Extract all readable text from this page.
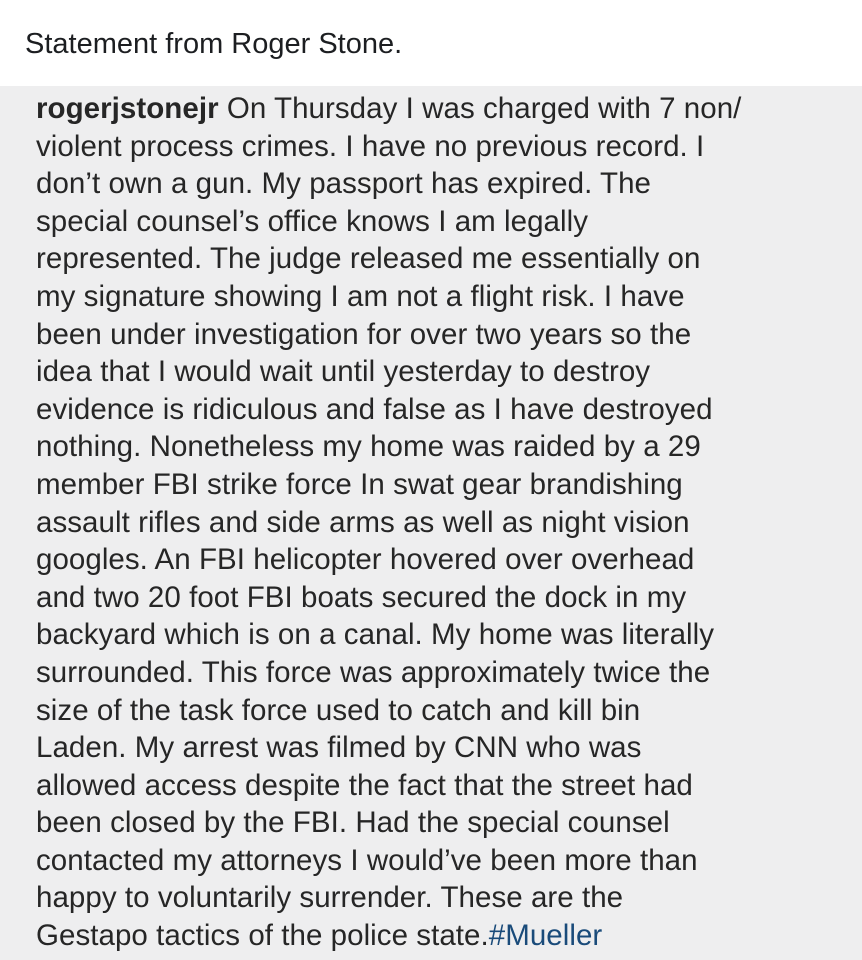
Statement from Roger Stone.
rogerjstonejr On Thursday I was charged with 7 non/
violent process crimes. I have no previous record. I
don’t own a gun. My passport has expired. The
special counsel’s office knows I am legally
represented. The judge released me essentially on
my signature showing I am not a flight risk. I have
been under investigation for over two years so the
idea that I would wait until yesterday to destroy
evidence is ridiculous and false as I have destroyed
nothing. Nonetheless my home was raided by a 29
member FBI strike force In swat gear brandishing
assault rifles and side arms as well as night vision
googles. An FBI helicopter hovered over overhead
and two 20 foot FBI boats secured the dock in my
backyard which is on a canal. My home was literally
surrounded. This force was approximately twice the
size of the task force used to catch and kill bin
Laden. My arrest was filmed by CNN who was
allowed access despite the fact that the street had
been closed by the FBI. Had the special counsel
contacted my attorneys I would’ve been more than
happy to voluntarily surrender. These are the
Gestapo tactics of the police state.#Mueller
